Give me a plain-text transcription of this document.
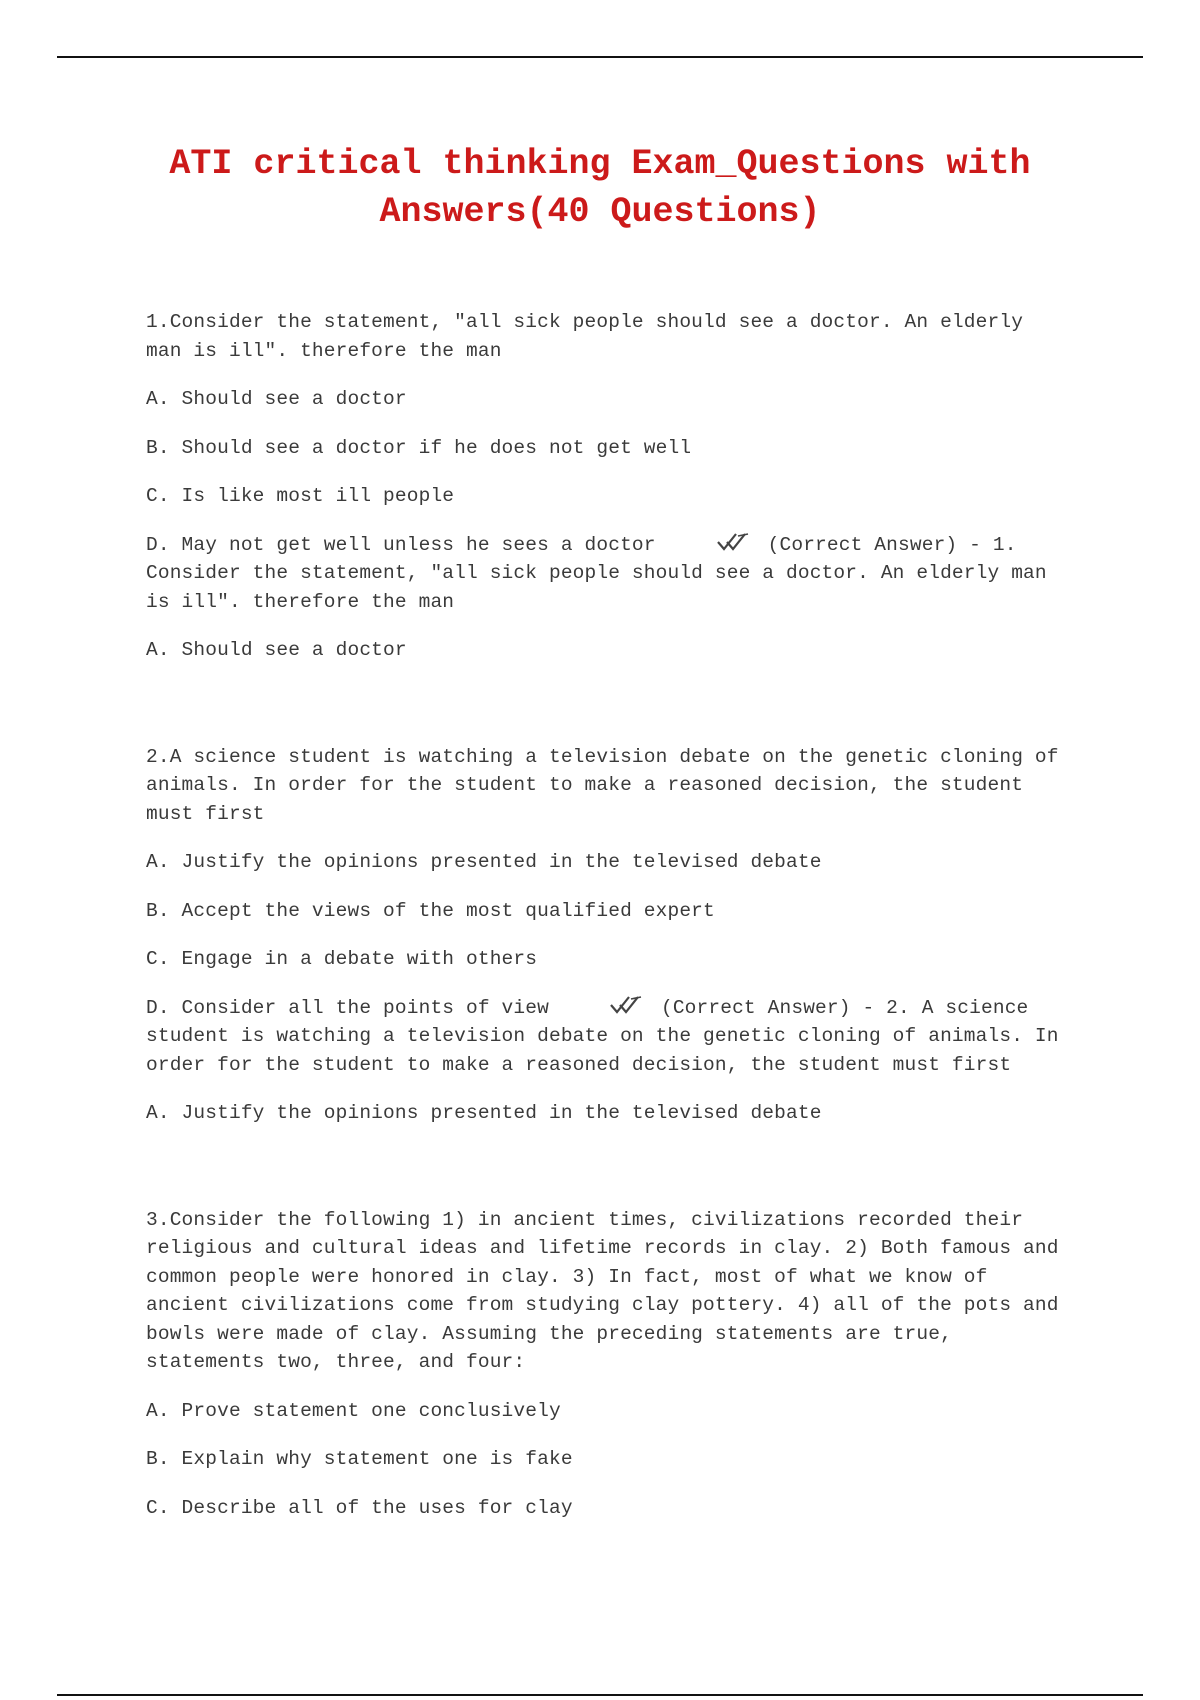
ATI critical thinking Exam_Questions with Answers(40 Questions)

1.Consider the statement, "all sick people should see a doctor. An elderly man is ill". therefore the man

A. Should see a doctor

B. Should see a doctor if he does not get well

C. Is like most ill people

D. May not get well unless he sees a doctor	(Correct Answer) - 1. Consider the statement, "all sick people should see a doctor. An elderly man is ill". therefore the man

A. Should see a doctor

2.A science student is watching a television debate on the genetic cloning of animals. In order for the student to make a reasoned decision, the student must first

A. Justify the opinions presented in the televised debate

B. Accept the views of the most qualified expert

C. Engage in a debate with others

D. Consider all the points of view	(Correct Answer) - 2. A science student is watching a television debate on the genetic cloning of animals. In order for the student to make a reasoned decision, the student must first

A. Justify the opinions presented in the televised debate

3.Consider the following 1) in ancient times, civilizations recorded their religious and cultural ideas and lifetime records in clay. 2) Both famous and common people were honored in clay. 3) In fact, most of what we know of ancient civilizations come from studying clay pottery. 4) all of the pots and bowls were made of clay. Assuming the preceding statements are true, statements two, three, and four:

A. Prove statement one conclusively

B. Explain why statement one is fake

C. Describe all of the uses for clay
